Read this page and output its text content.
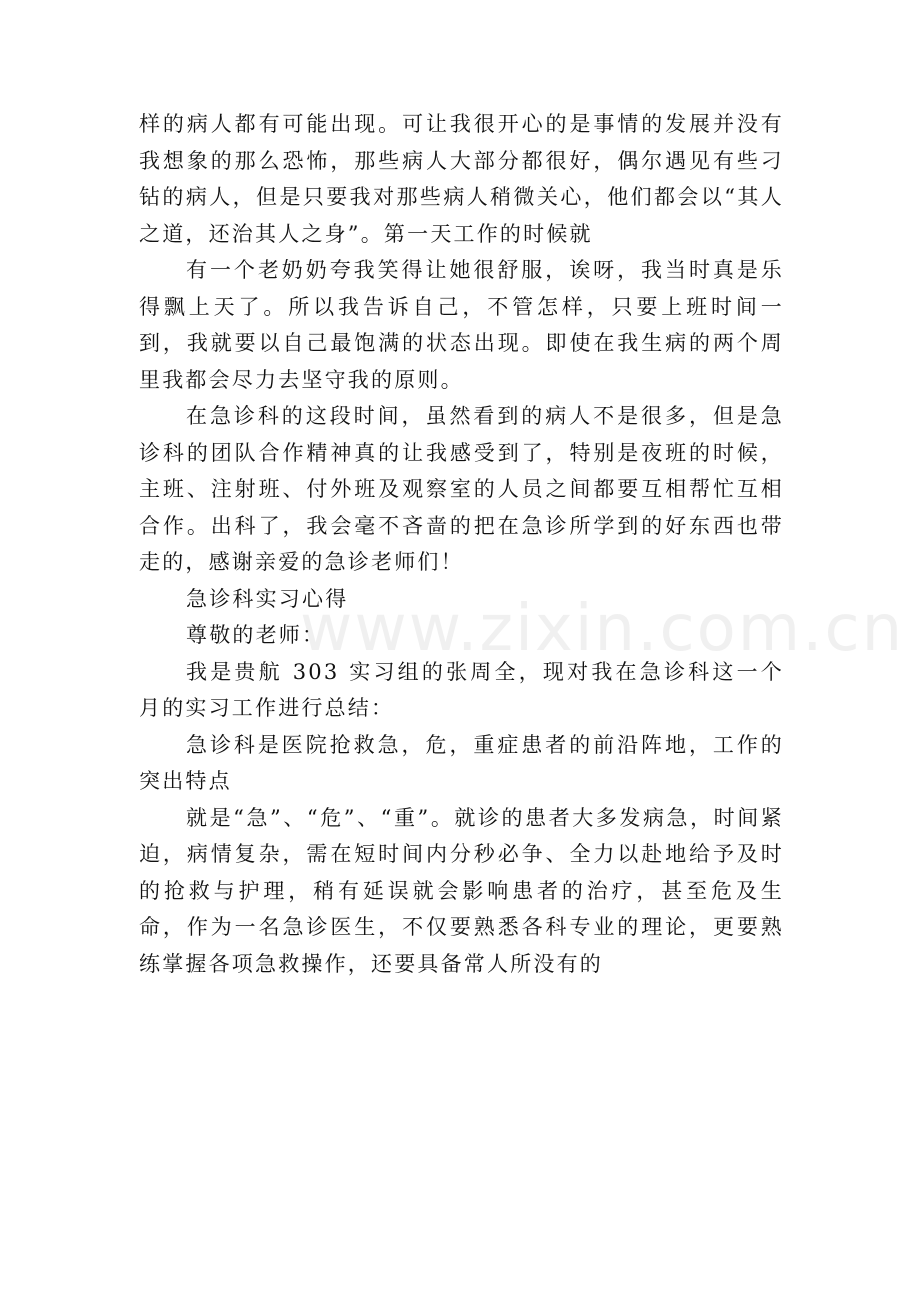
样的病人都有可能出现。可让我很开心的是事情的发展并没有我想象的那么恐怖，那些病人大部分都很好，偶尔遇见有些刁钻的病人，但是只要我对那些病人稍微关心，他们都会以“其人之道，还治其人之身”。第一天工作的时候就

有一个老奶奶夸我笑得让她很舒服，诶呀，我当时真是乐得飘上天了。所以我告诉自己，不管怎样，只要上班时间一到，我就要以自己最饱满的状态出现。即使在我生病的两个周里我都会尽力去坚守我的原则。

在急诊科的这段时间，虽然看到的病人不是很多，但是急诊科的团队合作精神真的让我感受到了，特别是夜班的时候，主班、注射班、付外班及观察室的人员之间都要互相帮忙互相合作。出科了，我会毫不吝啬的把在急诊所学到的好东西也带走的，感谢亲爱的急诊老师们！

急诊科实习心得

尊敬的老师：

我是贵航 303 实习组的张周全，现对我在急诊科这一个月的实习工作进行总结：

急诊科是医院抢救急，危，重症患者的前沿阵地，工作的突出特点

就是“急”、“危”、“重”。就诊的患者大多发病急，时间紧迫，病情复杂，需在短时间内分秒必争、全力以赴地给予及时的抢救与护理，稍有延误就会影响患者的治疗，甚至危及生命，作为一名急诊医生，不仅要熟悉各科专业的理论，更要熟练掌握各项急救操作，还要具备常人所没有的

www.zixin.com.cn
